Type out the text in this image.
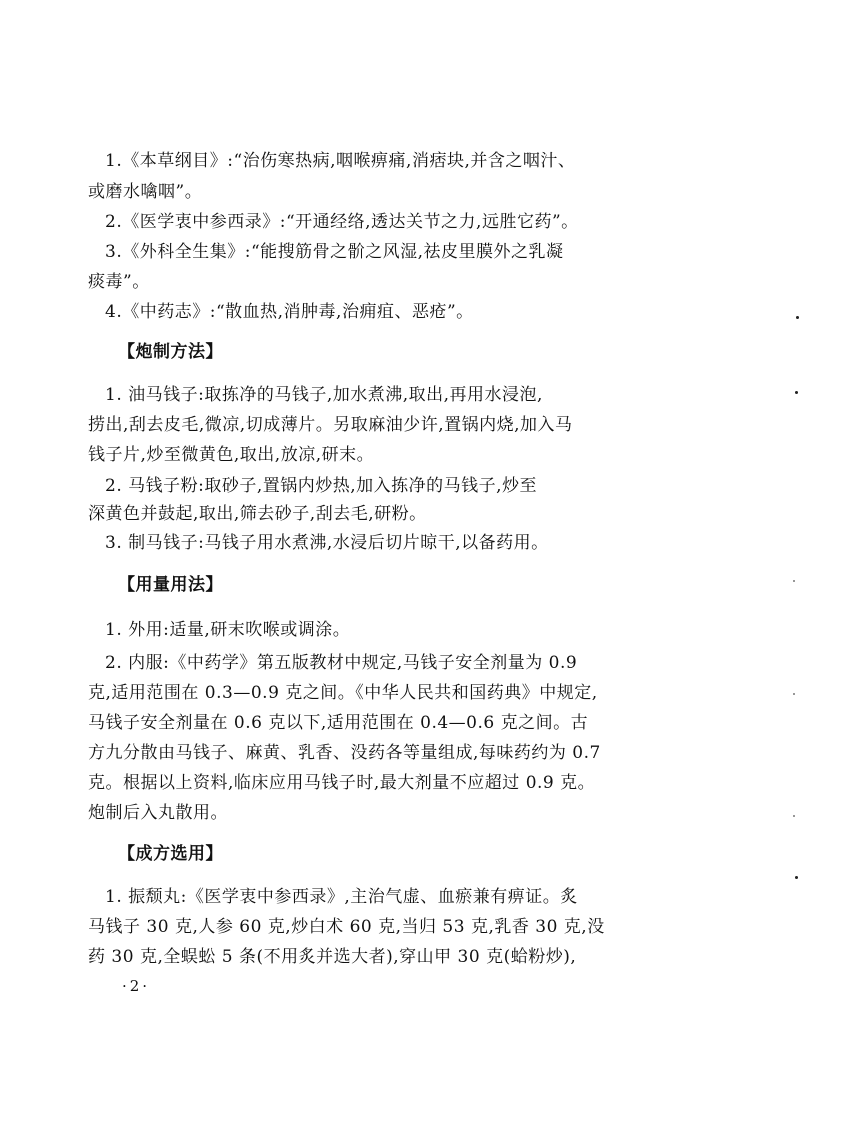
1.《本草纲目》:“治伤寒热病,咽喉痹痛,消痞块,并含之咽汁、
或磨水噙咽”。
2.《医学衷中参西录》:“开通经络,透达关节之力,远胜它药”。
3.《外科全生集》:“能搜筋骨之骱之风湿,祛皮里膜外之乳凝
痰毒”。
4.《中药志》:“散血热,消肿毒,治痈疽、恶疮”。
【炮制方法】
1. 油马钱子:取拣净的马钱子,加水煮沸,取出,再用水浸泡,
捞出,刮去皮毛,微凉,切成薄片。另取麻油少许,置锅内烧,加入马
钱子片,炒至微黄色,取出,放凉,研末。
2. 马钱子粉:取砂子,置锅内炒热,加入拣净的马钱子,炒至
深黄色并鼓起,取出,筛去砂子,刮去毛,研粉。
3. 制马钱子:马钱子用水煮沸,水浸后切片晾干,以备药用。
【用量用法】
1. 外用:适量,研末吹喉或调涂。
2. 内服:《中药学》第五版教材中规定,马钱子安全剂量为 0.9
克,适用范围在 0.3—0.9 克之间。《中华人民共和国药典》中规定,
马钱子安全剂量在 0.6 克以下,适用范围在 0.4—0.6 克之间。古
方九分散由马钱子、麻黄、乳香、没药各等量组成,每味药约为 0.7
克。根据以上资料,临床应用马钱子时,最大剂量不应超过 0.9 克。
炮制后入丸散用。
【成方选用】
1. 振颓丸:《医学衷中参西录》,主治气虚、血瘀兼有痹证。炙
马钱子 30 克,人参 60 克,炒白术 60 克,当归 53 克,乳香 30 克,没
药 30 克,全蜈蚣 5 条(不用炙并选大者),穿山甲 30 克(蛤粉炒),
·2·
